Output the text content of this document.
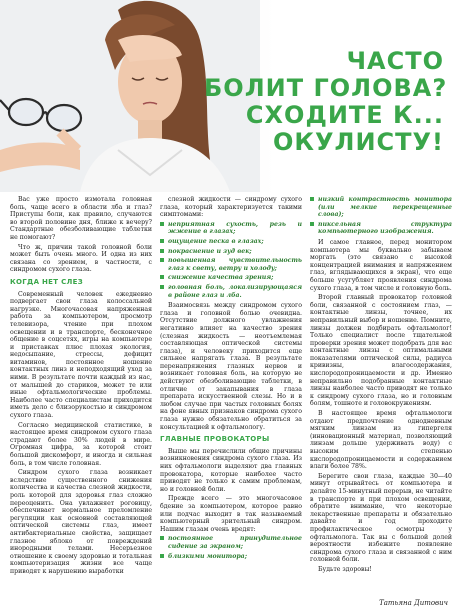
ЧАСТО
БОЛИТ ГОЛОВА?
СХОДИТЕ К...
ОКУЛИСТУ!

Вас уже просто измотала головная боль, чаще всего в области лба и глаз? Приступы боли, как правило, случаются во второй половине дня, ближе к вечеру? Стандартные обезболивающие таблетки не помогают?

Что ж, причин такой головной боли может быть очень много. И одна из них связана со зрением, в частности, с синдромом сухого глаза.

КОГДА НЕТ СЛЕЗ

Современный человек ежедневно подвергает свои глаза колоссальной нагрузке. Многочасовая напряженная работа за компьютером, просмотр телевизора, чтение при плохом освещении и в транспорте, бесконечное общение в соцсетях, игры на компьютере и приставках плюс плохая экология, недосыпание, стрессы, дефицит витаминов, постоянное ношение контактных линз и неподходящий уход за ними. В результате почти каждый из нас, от малышей до стариков, может те или иные офтальмологические проблемы. Наиболее часто специалистам приходится иметь дело с близорукостью и синдромом сухого глаза.

Согласно медицинской статистике, в настоящее время синдромом сухого глаза страдают более 30% людей в мире. Огромная цифра, за которой стоит большой дискомфорт, и иногда и сильная боль, в том числе головная.

Синдром сухого глаза возникает вследствие существенного снижения количества и качества слезной жидкости, роль которой для здоровья глаз сложно переоценить. Она увлажняет роговицу, обеспечивает нормальное преломление регуляции как основной составляющей оптической системы глаз, имеет антибактериальные свойства, защищает глазное яблоко от повреждений инородными телами. Несерьезное отношение к своему здоровью и тотальная компьютеризация жизни все чаще приводят к нарушению выработки

слезной жидкости — синдрому сухого глаза, который характеризуется такими симптомами:

неприятная сухость, резь и жжение в глазах;
ощущение песка в глазах;
покраснение и зуд век;
повышенная чувствительность глаз к свету, ветру и холоду;
снижение качества зрения;
головная боль, локализирующаяся в районе глаз и лба.

Взаимосвязь между синдромом сухого глаза и головной болью очевидна. Отсутствие должного увлажнения негативно влияет на качество зрения (слезная жидкость — неотъемлемая составляющая оптической системы глаза), и человеку приходится еще сильнее напрягать глаза. В результате перенапряжения глазных нервов и возникает головная боль, на которую не действуют обезболивающие таблетки, в отличие от закапывания в глаза препарата искусственной слезы. Но и в любом случае при частых головных болях на фоне явных признаков синдрома сухого глаза нужно обязательно обратиться за консультацией к офтальмологу.

ГЛАВНЫЕ ПРОВОКАТОРЫ

Выше мы перечислили общие причины возникновения синдрома сухого глаза. Из них офтальмологи выделяют два главных провокатора, которые наиболее часто приводят не только к самим проблемам, но и головной боли.

Прежде всего — это многочасовое бдение за компьютером, которое равно или подчас выходит в так называемый компьютерный зрительный синдром. Нашим глазам очень вредят:

постоянное принудительное сидение за экраном;
близкими монитора;
низкий контрастность монитора (или мелкие перекрещенные слова);
пиксельная структура компьютерного изображения.

И самое главное, перед монитором компьютера мы буквально забываем моргать (это связано с высокой концентрацией внимания и напряжением глаз, вглядывающихся в экран), что еще больше усугубляет проявления синдрома сухого глаза, в том числе и головную боль.

Второй главный провокатор головной боли, связанной с состоянием глаз, — контактные линзы, точнее, их неправильный выбор и ношение. Помните, линзы должен подбирать офтальмолог! Только специалист после тщательной проверки зрения может подобрать для вас контактные линзы с оптимальными показателями оптической силы, радиуса кривизны, влагосодержания, кислородопроницаемости и др. Именно неправильно подобранные контактные линзы наиболее часто приводят не только к синдрому сухого глаза, но и головным болям, тошноте и головокружениям.

В настоящее время офтальмологи отдают предпочтение однодневным мягким линзам из гипергеля (инновационный материал, позволяющий линзам дольше удерживать воду) с высоким степенью кислородопроницаемости и содержанием влаги более 78%.

Берегите свои глаза, каждые 30—40 минут отрывайтесь от компьютера и делайте 15-минутный перерыв, не читайте в транспорте и при плохом освещении, обратите внимание, что некоторые лекарственные препараты и обязательно давайте и год проходите профилактическое осмотры у офтальмолога. Так вы с большой долей вероятности избежите появление синдрома сухого глаза и связанной с ним головной боли.

Будьте здоровы!

Татьяна Дитович
